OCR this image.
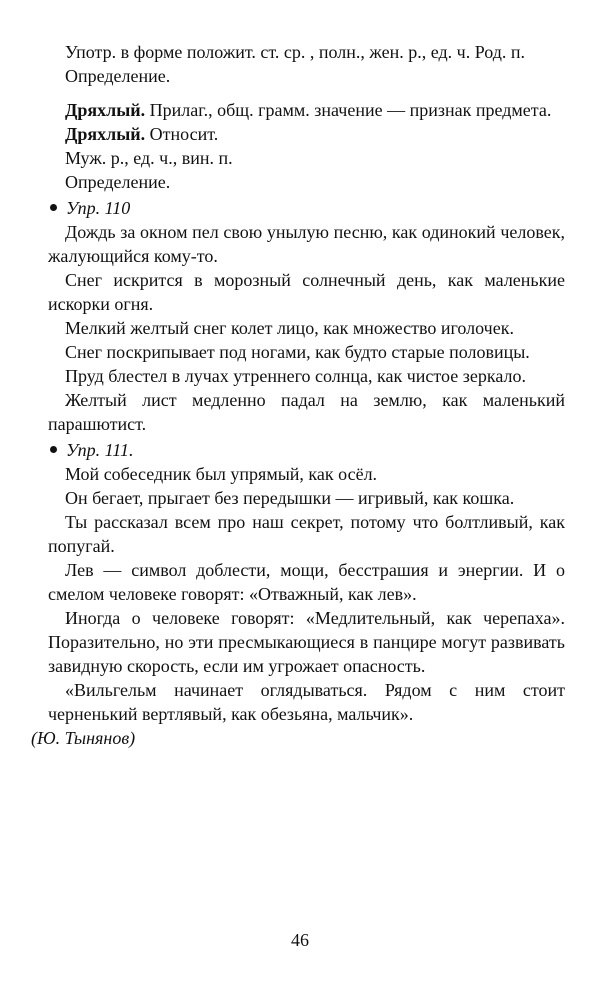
Употр. в форме положит. ст. ср. , полн., жен. р., ед. ч. Род. п.
Определение.
Дряхлый. Прилаг., общ. грамм. значение — признак предмета.
Дряхлый. Относит.
Муж. р., ед. ч., вин. п.
Определение.
Упр. 110
Дождь за окном пел свою унылую песню, как одинокий человек, жалующийся кому-то.
Снег искрится в морозный солнечный день, как маленькие искорки огня.
Мелкий желтый снег колет лицо, как множество иголочек.
Снег поскрипывает под ногами, как будто старые половицы.
Пруд блестел в лучах утреннего солнца, как чистое зеркало.
Желтый лист медленно падал на землю, как маленький парашютист.
Упр. 111.
Мой собеседник был упрямый, как осёл.
Он бегает, прыгает без передышки — игривый, как кошка.
Ты рассказал всем про наш секрет, потому что болтливый, как попугай.
Лев — символ доблести, мощи, бесстрашия и энергии. И о смелом человеке говорят: «Отважный, как лев».
Иногда о человеке говорят: «Медлительный, как черепаха». Поразительно, но эти пресмыкающиеся в панцире могут развивать завидную скорость, если им угрожает опасность.
«Вильгельм начинает оглядываться. Рядом с ним стоит черненький вертлявый, как обезьяна, мальчик».
(Ю. Тынянов)
46
